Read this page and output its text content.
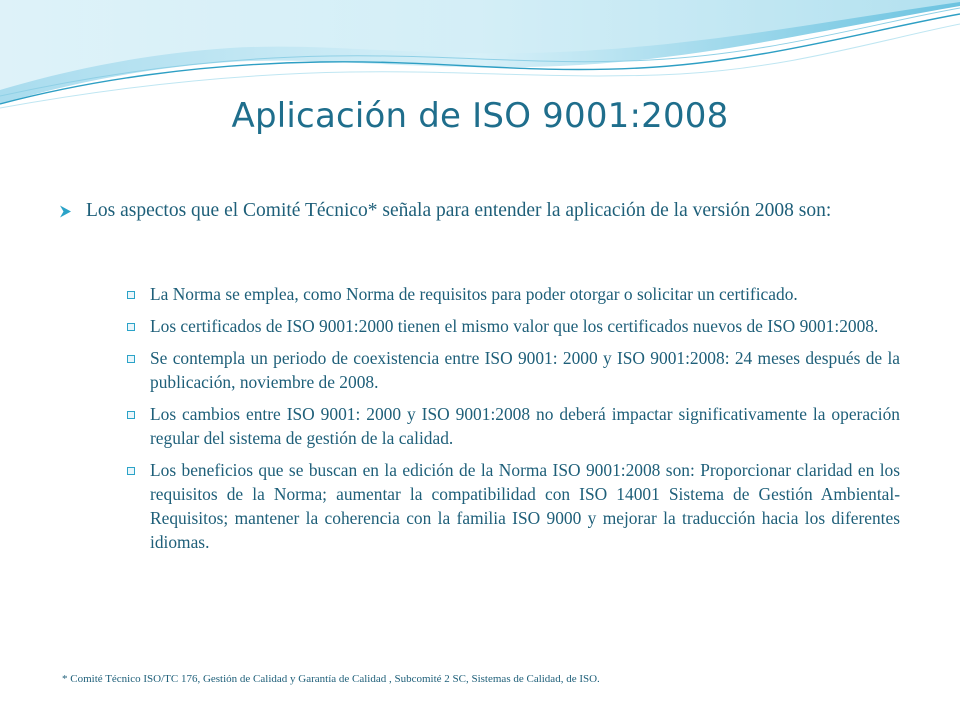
Aplicación de ISO 9001:2008
Los aspectos que el Comité Técnico* señala para entender la aplicación de la versión 2008 son:
La Norma se emplea, como Norma de requisitos para poder otorgar o solicitar un certificado.
Los certificados de ISO 9001:2000 tienen el mismo valor que los certificados nuevos de ISO 9001:2008.
Se contempla un periodo de coexistencia entre ISO 9001: 2000 y ISO 9001:2008: 24 meses después de la publicación, noviembre de 2008.
Los cambios entre ISO 9001: 2000 y ISO 9001:2008 no deberá impactar significativamente la operación regular del sistema de gestión de la calidad.
Los beneficios que se buscan en la edición de la Norma ISO 9001:2008 son: Proporcionar claridad en los requisitos de la Norma; aumentar la compatibilidad con ISO 14001 Sistema de Gestión Ambiental- Requisitos; mantener la coherencia con la familia ISO 9000 y mejorar la traducción hacia los diferentes idiomas.
* Comité Técnico ISO/TC 176, Gestión de Calidad y Garantía de Calidad , Subcomité 2 SC, Sistemas de Calidad, de ISO.
